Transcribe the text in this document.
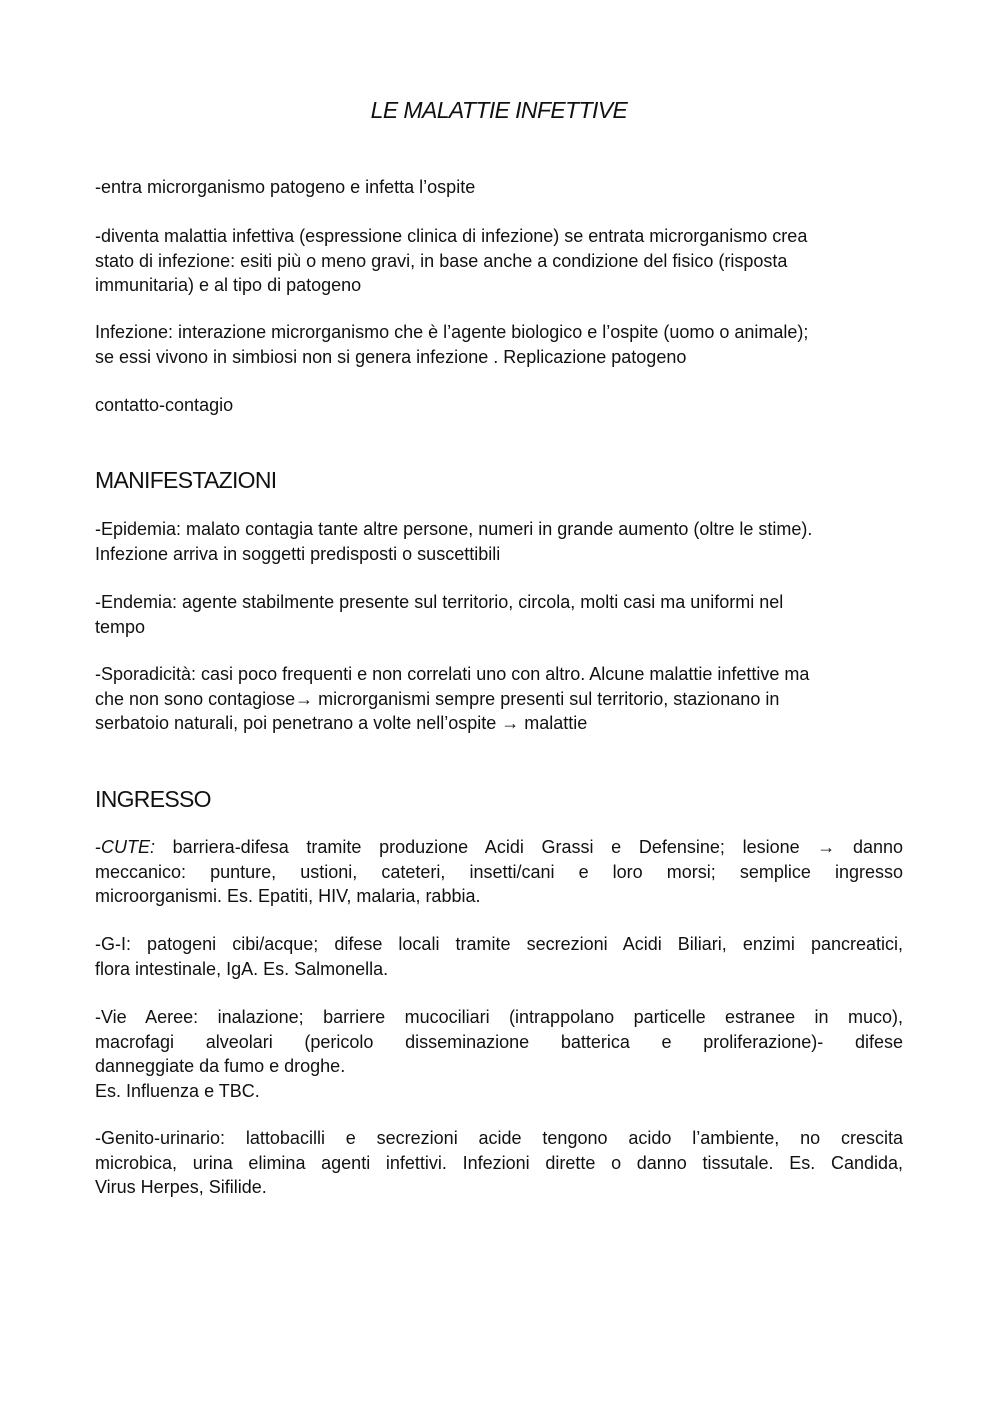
LE MALATTIE INFETTIVE

-entra microrganismo patogeno e infetta l’ospite

-diventa malattia infettiva (espressione clinica di infezione) se entrata microrganismo crea
stato di infezione: esiti più o meno gravi, in base anche a condizione del fisico (risposta
immunitaria) e al tipo di patogeno

Infezione: interazione microrganismo che è l’agente biologico e l’ospite (uomo o animale);
se essi vivono in simbiosi non si genera infezione . Replicazione patogeno

contatto-contagio

MANIFESTAZIONI

-Epidemia: malato contagia tante altre persone, numeri in grande aumento (oltre le stime).
Infezione arriva in soggetti predisposti o suscettibili

-Endemia: agente stabilmente presente sul territorio, circola, molti casi ma uniformi nel
tempo

-Sporadicità: casi poco frequenti e non correlati uno con altro. Alcune malattie infettive ma
che non sono contagiose→ microrganismi sempre presenti sul territorio, stazionano in
serbatoio naturali, poi penetrano a volte nell’ospite → malattie

INGRESSO

-CUTE: barriera-difesa tramite produzione Acidi Grassi e Defensine; lesione → danno
meccanico: punture, ustioni, cateteri, insetti/cani e loro morsi; semplice ingresso
microorganismi. Es. Epatiti, HIV, malaria, rabbia.

-G-I: patogeni cibi/acque; difese locali tramite secrezioni Acidi Biliari, enzimi pancreatici,
flora intestinale, IgA. Es. Salmonella.

-Vie Aeree: inalazione; barriere mucociliari (intrappolano particelle estranee in muco),
macrofagi alveolari (pericolo disseminazione batterica e proliferazione)- difese
danneggiate da fumo e droghe.
Es. Influenza e TBC.

-Genito-urinario: lattobacilli e secrezioni acide tengono acido l’ambiente, no crescita
microbica, urina elimina agenti infettivi. Infezioni dirette o danno tissutale. Es. Candida,
Virus Herpes, Sifilide.
